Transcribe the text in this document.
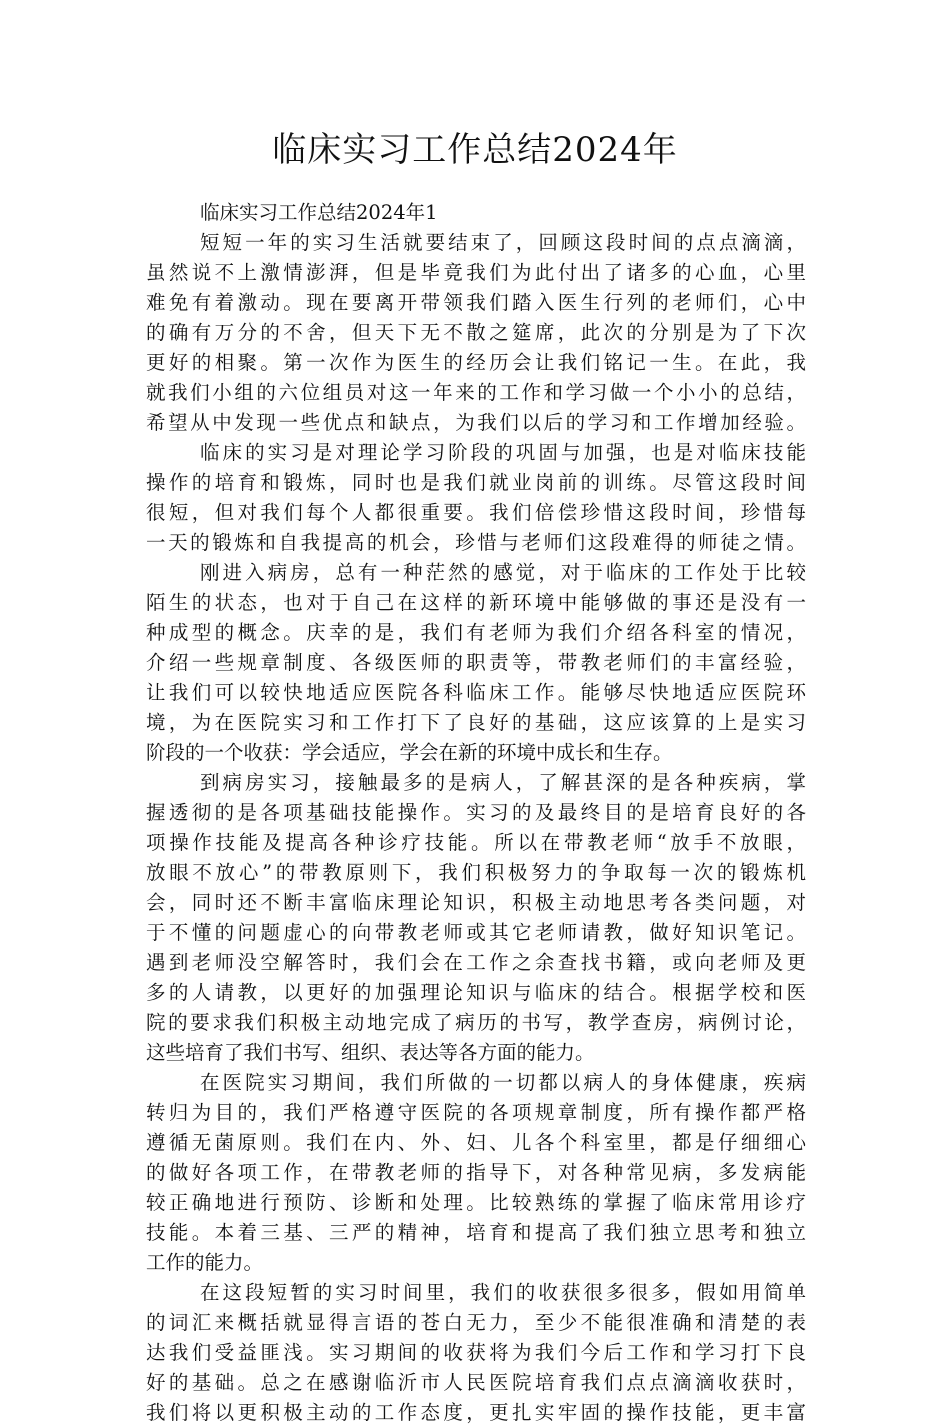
临床实习工作总结2024年

临床实习工作总结2024年1

短短一年的实习生活就要结束了，回顾这段时间的点点滴滴，
虽然说不上激情澎湃，但是毕竟我们为此付出了诸多的心血，心里
难免有着激动。现在要离开带领我们踏入医生行列的老师们，心中
的确有万分的不舍，但天下无不散之筵席，此次的分别是为了下次
更好的相聚。第一次作为医生的经历会让我们铭记一生。在此，我
就我们小组的六位组员对这一年来的工作和学习做一个小小的总结，
希望从中发现一些优点和缺点，为我们以后的学习和工作增加经验。

临床的实习是对理论学习阶段的巩固与加强，也是对临床技能
操作的培育和锻炼，同时也是我们就业岗前的训练。尽管这段时间
很短，但对我们每个人都很重要。我们倍偿珍惜这段时间，珍惜每
一天的锻炼和自我提高的机会，珍惜与老师们这段难得的师徒之情。

刚进入病房，总有一种茫然的感觉，对于临床的工作处于比较
陌生的状态，也对于自己在这样的新环境中能够做的事还是没有一
种成型的概念。庆幸的是，我们有老师为我们介绍各科室的情况，
介绍一些规章制度、各级医师的职责等，带教老师们的丰富经验，
让我们可以较快地适应医院各科临床工作。能够尽快地适应医院环
境，为在医院实习和工作打下了良好的基础，这应该算的上是实习
阶段的一个收获：学会适应，学会在新的环境中成长和生存。

到病房实习，接触最多的是病人，了解甚深的是各种疾病，掌
握透彻的是各项基础技能操作。实习的及最终目的是培育良好的各
项操作技能及提高各种诊疗技能。所以在带教老师“放手不放眼，
放眼不放心”的带教原则下，我们积极努力的争取每一次的锻炼机
会，同时还不断丰富临床理论知识，积极主动地思考各类问题，对
于不懂的问题虚心的向带教老师或其它老师请教，做好知识笔记。
遇到老师没空解答时，我们会在工作之余查找书籍，或向老师及更
多的人请教，以更好的加强理论知识与临床的结合。根据学校和医
院的要求我们积极主动地完成了病历的书写，教学查房，病例讨论，
这些培育了我们书写、组织、表达等各方面的能力。

在医院实习期间，我们所做的一切都以病人的身体健康，疾病
转归为目的，我们严格遵守医院的各项规章制度，所有操作都严格
遵循无菌原则。我们在内、外、妇、儿各个科室里，都是仔细细心
的做好各项工作，在带教老师的指导下，对各种常见病，多发病能
较正确地进行预防、诊断和处理。比较熟练的掌握了临床常用诊疗
技能。本着三基、三严的精神，培育和提高了我们独立思考和独立
工作的能力。

在这段短暂的实习时间里，我们的收获很多很多，假如用简单
的词汇来概括就显得言语的苍白无力，至少不能很准确和清楚的表
达我们受益匪浅。实习期间的收获将为我们今后工作和学习打下良
好的基础。总之在感谢临沂市人民医院培育我们点点滴滴收获时，
我们将以更积极主动的工作态度，更扎实牢固的操作技能，更丰富
